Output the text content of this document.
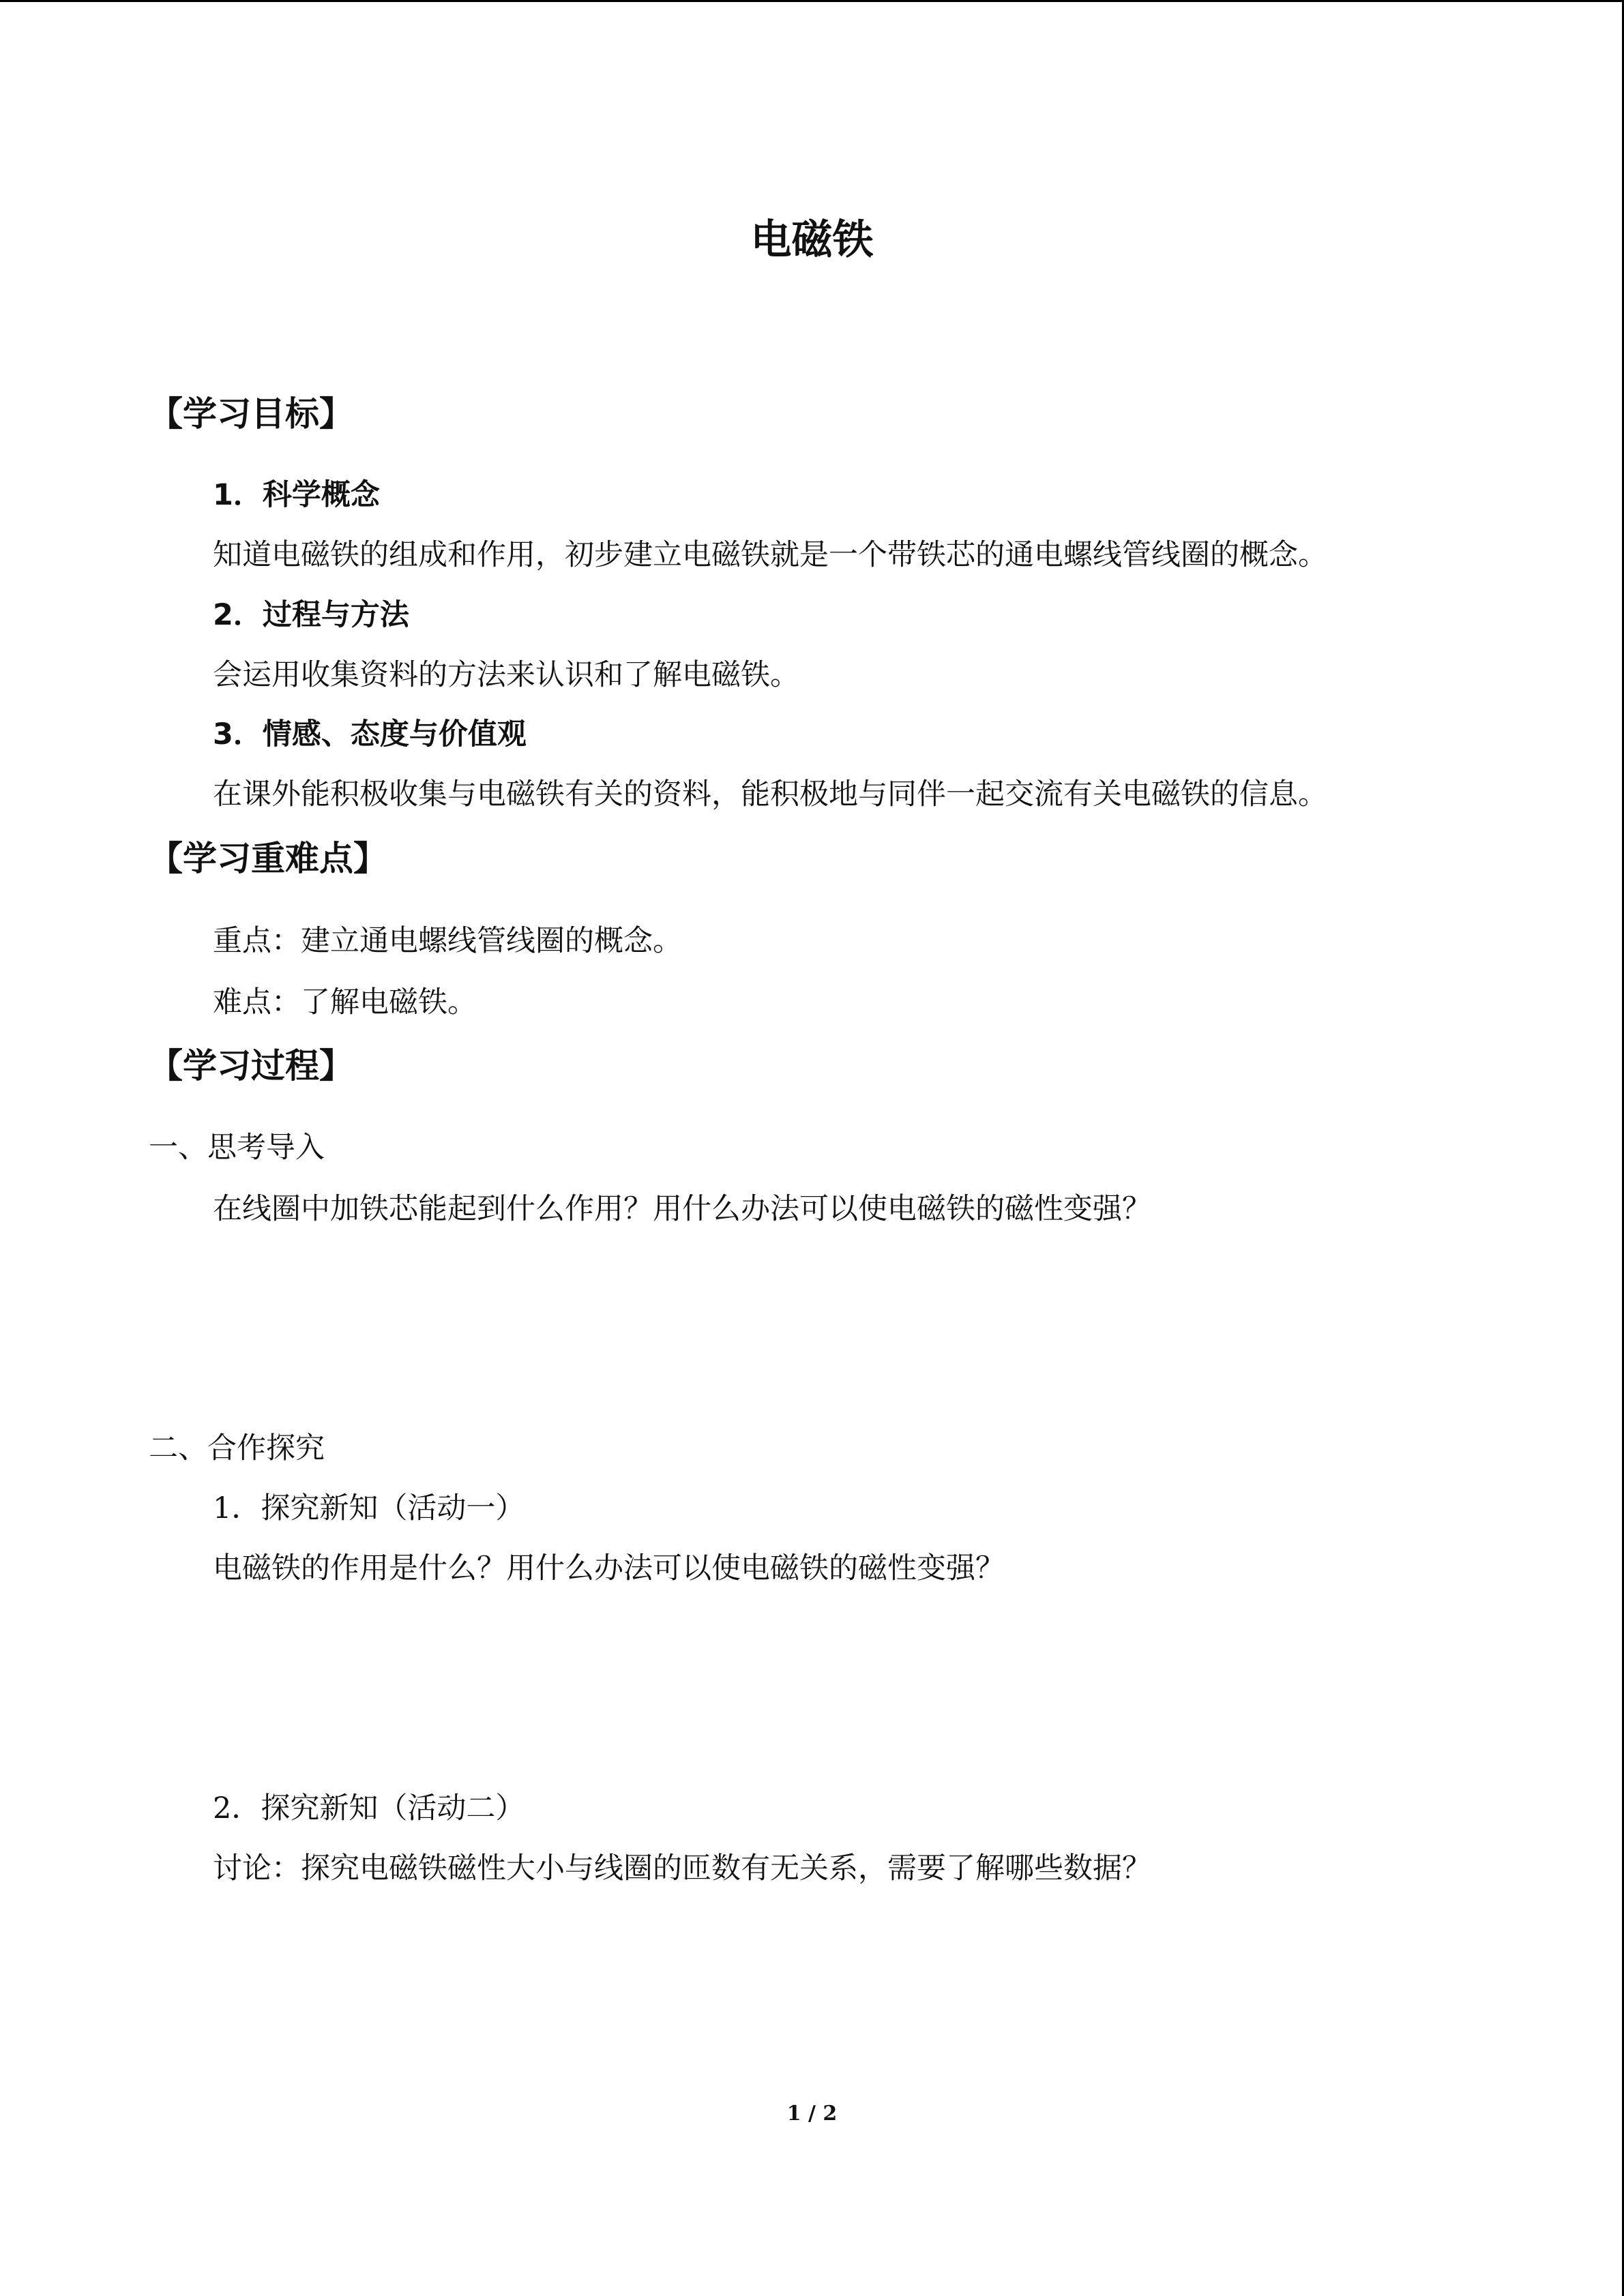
电磁铁
【学习目标】
1．科学概念
知道电磁铁的组成和作用，初步建立电磁铁就是一个带铁芯的通电螺线管线圈的概念。
2．过程与方法
会运用收集资料的方法来认识和了解电磁铁。
3．情感、态度与价值观
在课外能积极收集与电磁铁有关的资料，能积极地与同伴一起交流有关电磁铁的信息。
【学习重难点】
重点：建立通电螺线管线圈的概念。
难点：了解电磁铁。
【学习过程】
一、思考导入
在线圈中加铁芯能起到什么作用？用什么办法可以使电磁铁的磁性变强？
二、合作探究
1．探究新知（活动一）
电磁铁的作用是什么？用什么办法可以使电磁铁的磁性变强？
2．探究新知（活动二）
讨论：探究电磁铁磁性大小与线圈的匝数有无关系，需要了解哪些数据？
1 / 2
